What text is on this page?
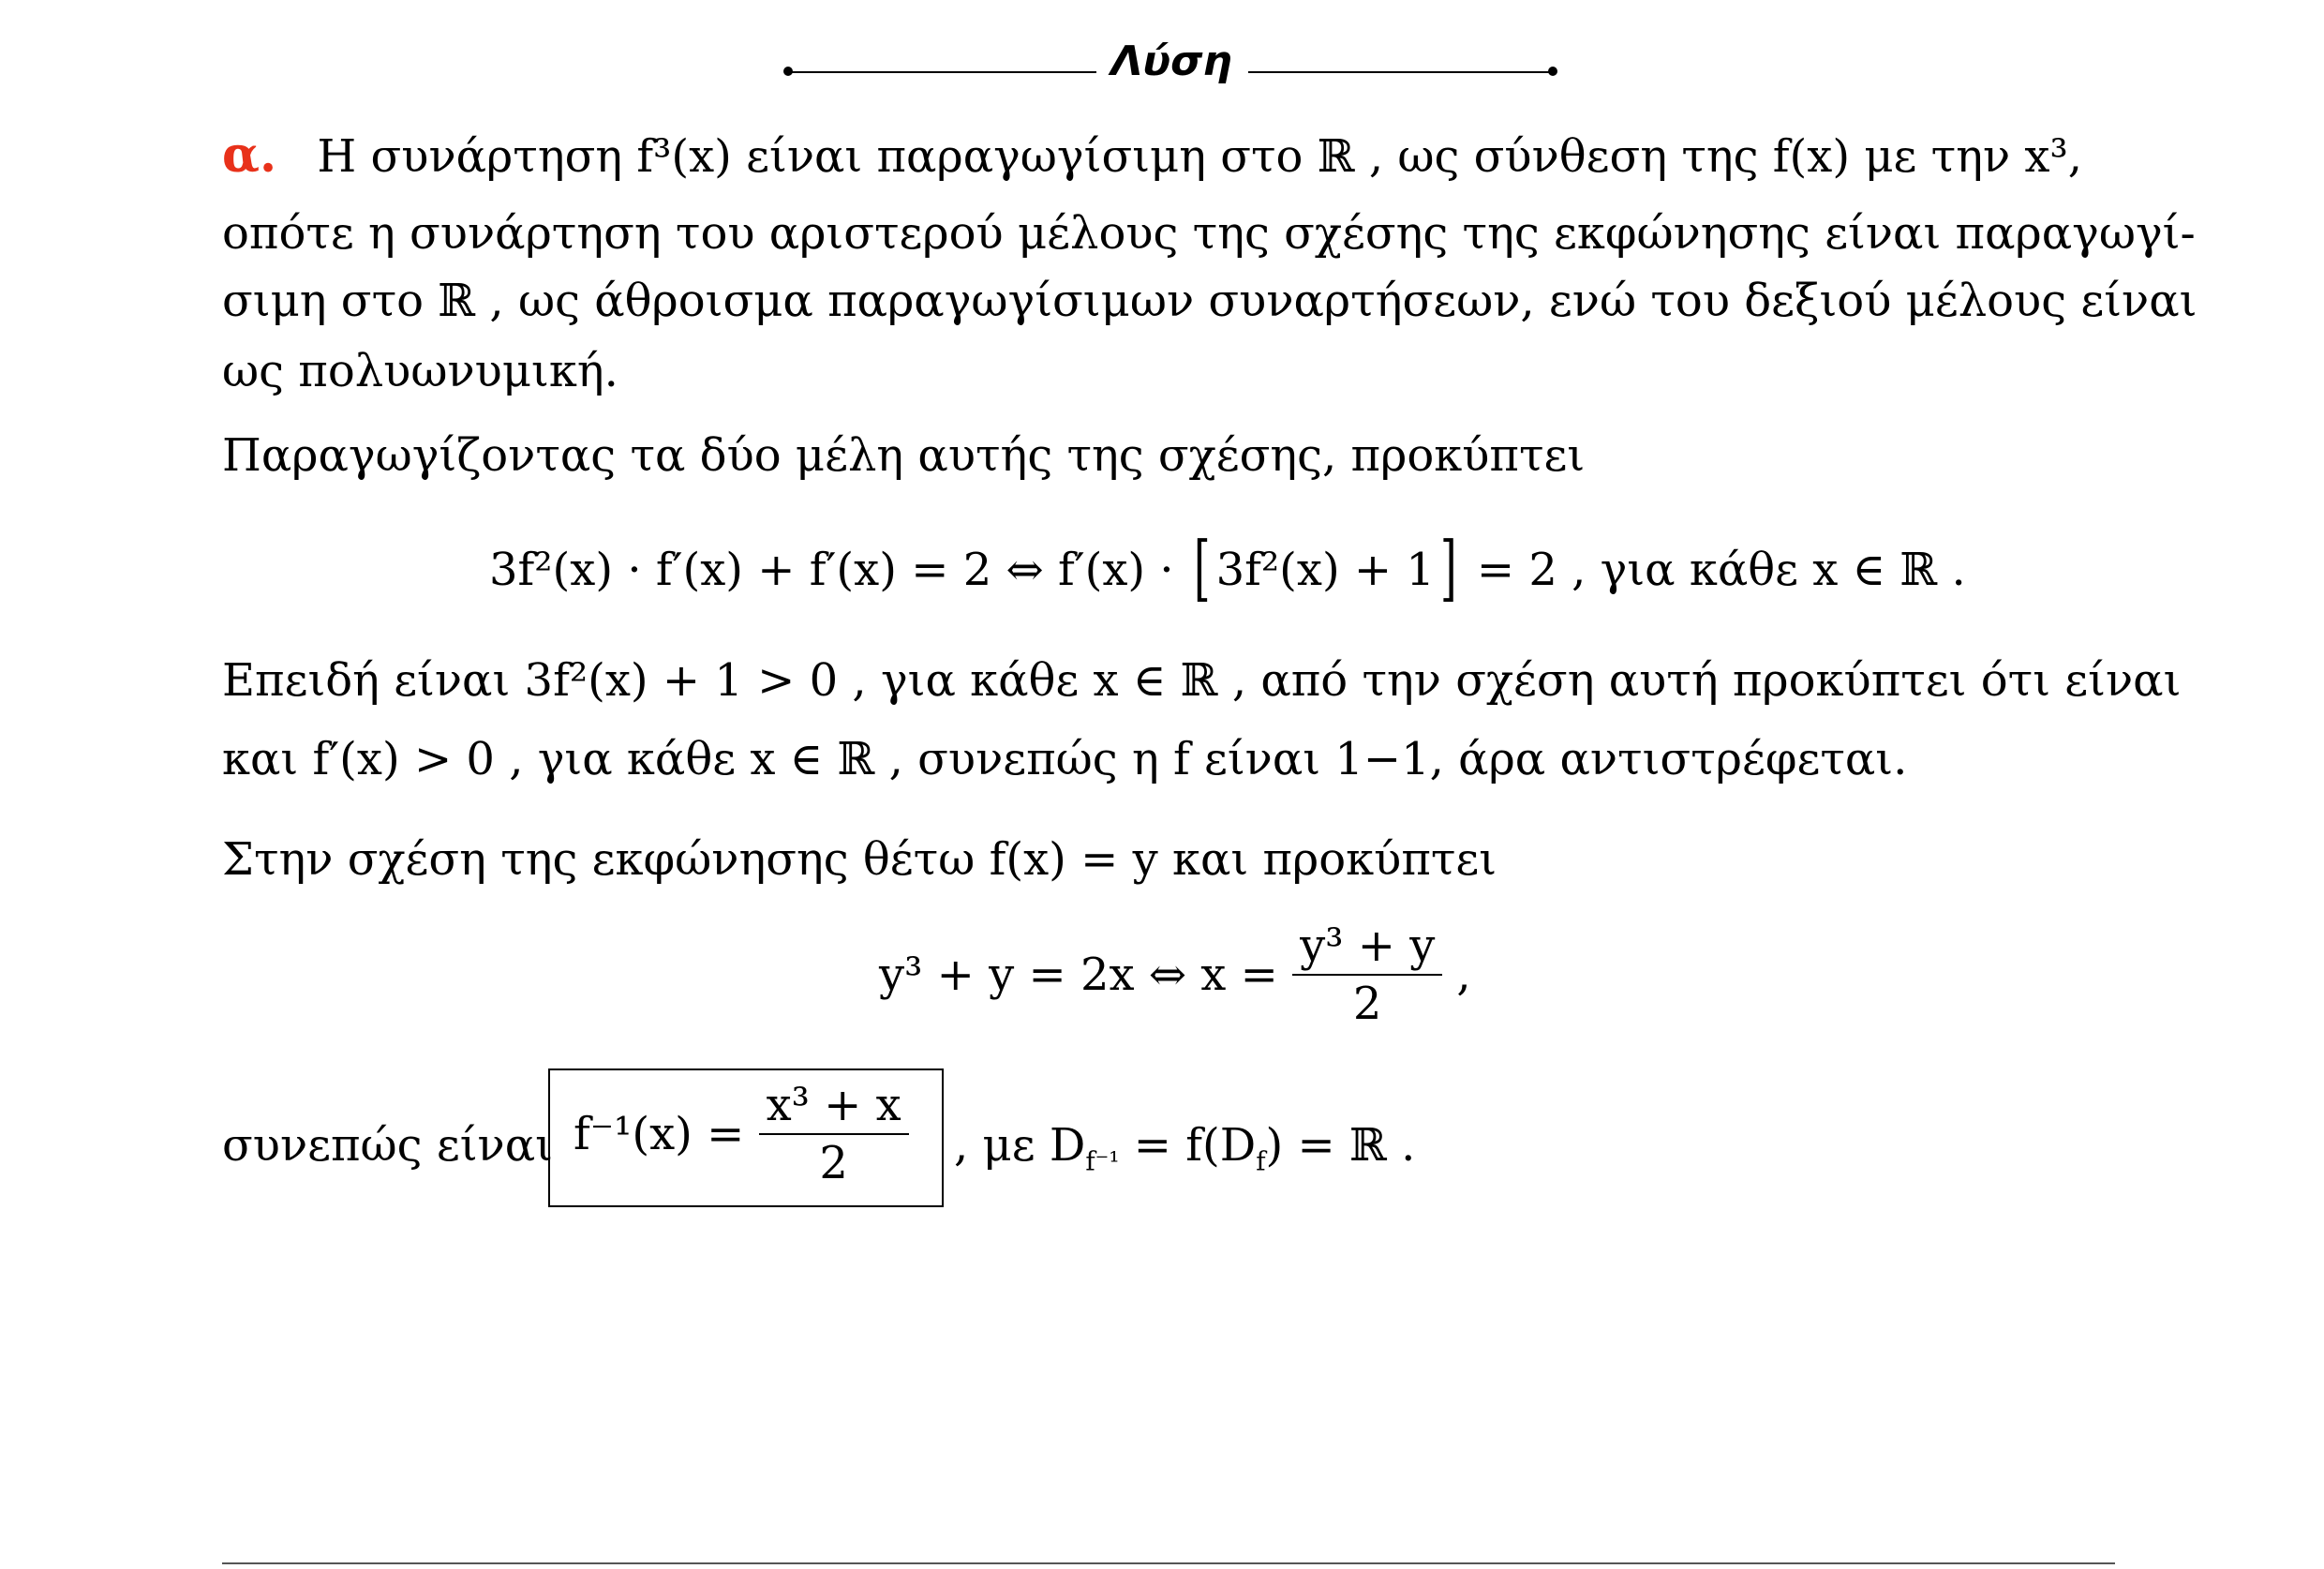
Λύση
α. Η συνάρτηση f³(x) είναι παραγωγίσιμη στο ℝ , ως σύνθεση της f(x) με την x³,
οπότε η συνάρτηση του αριστερού μέλους της σχέσης της εκφώνησης είναι παραγωγί-
σιμη στο ℝ , ως άθροισμα παραγωγίσιμων συναρτήσεων, ενώ του δεξιού μέλους είναι
ως πολυωνυμική.
Παραγωγίζοντας τα δύο μέλη αυτής της σχέσης, προκύπτει
3f²(x) · f′(x) + f′(x) = 2 ⇔ f′(x) · [ 3f²(x) + 1] = 2 , για κάθε x ∈ ℝ .
Επειδή είναι 3f²(x) + 1 > 0 , για κάθε x ∈ ℝ , από την σχέση αυτή προκύπτει ότι είναι
και f′(x) > 0 , για κάθε x ∈ ℝ , συνεπώς η f είναι 1−1, άρα αντιστρέφεται.
Στην σχέση της εκφώνησης θέτω f(x) = y και προκύπτει
y³ + y = 2x ⇔ $x = \frac{\text{y³ + y}}{2}$ ,
συνεπώς είναι $f^{-1}(x) = \frac{\text{x³ + x}}{2}$ , με $D_{f^{-1}} = f(D_f)$ = ℝ .
